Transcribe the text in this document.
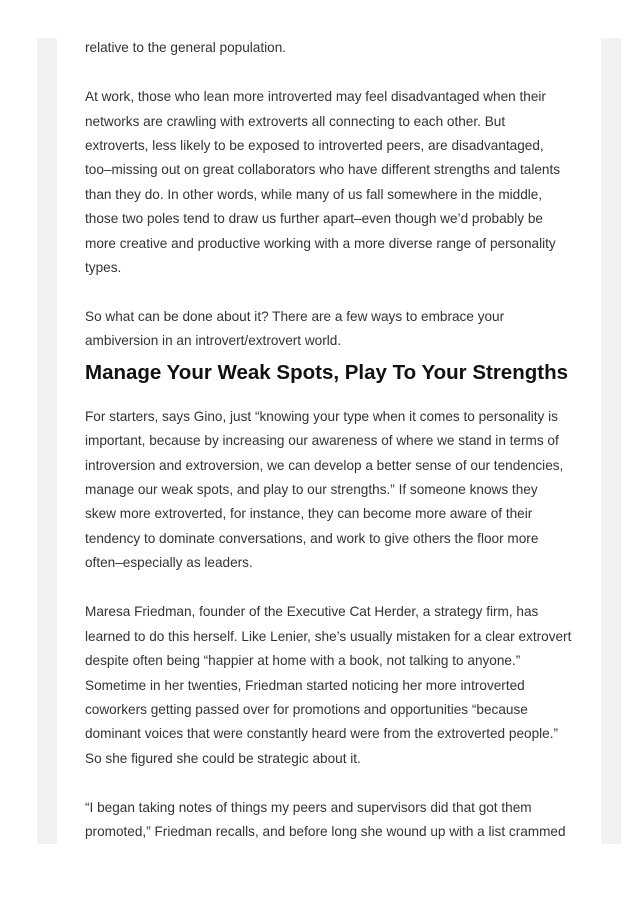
relative to the general population.

At work, those who lean more introverted may feel disadvantaged when their
networks are crawling with extroverts all connecting to each other. But
extroverts, less likely to be exposed to introverted peers, are disadvantaged,
too–missing out on great collaborators who have different strengths and talents
than they do. In other words, while many of us fall somewhere in the middle,
those two poles tend to draw us further apart–even though we’d probably be
more creative and productive working with a more diverse range of personality
types.

So what can be done about it? There are a few ways to embrace your
ambiversion in an introvert/extrovert world.

Manage Your Weak Spots, Play To Your Strengths

For starters, says Gino, just “knowing your type when it comes to personality is
important, because by increasing our awareness of where we stand in terms of
introversion and extroversion, we can develop a better sense of our tendencies,
manage our weak spots, and play to our strengths.” If someone knows they
skew more extroverted, for instance, they can become more aware of their
tendency to dominate conversations, and work to give others the floor more
often–especially as leaders.

Maresa Friedman, founder of the Executive Cat Herder, a strategy firm, has
learned to do this herself. Like Lenier, she’s usually mistaken for a clear extrovert
despite often being “happier at home with a book, not talking to anyone.”
Sometime in her twenties, Friedman started noticing her more introverted
coworkers getting passed over for promotions and opportunities “because
dominant voices that were constantly heard were from the extroverted people.”
So she figured she could be strategic about it.

“I began taking notes of things my peers and supervisors did that got them
promoted,” Friedman recalls, and before long she wound up with a list crammed
